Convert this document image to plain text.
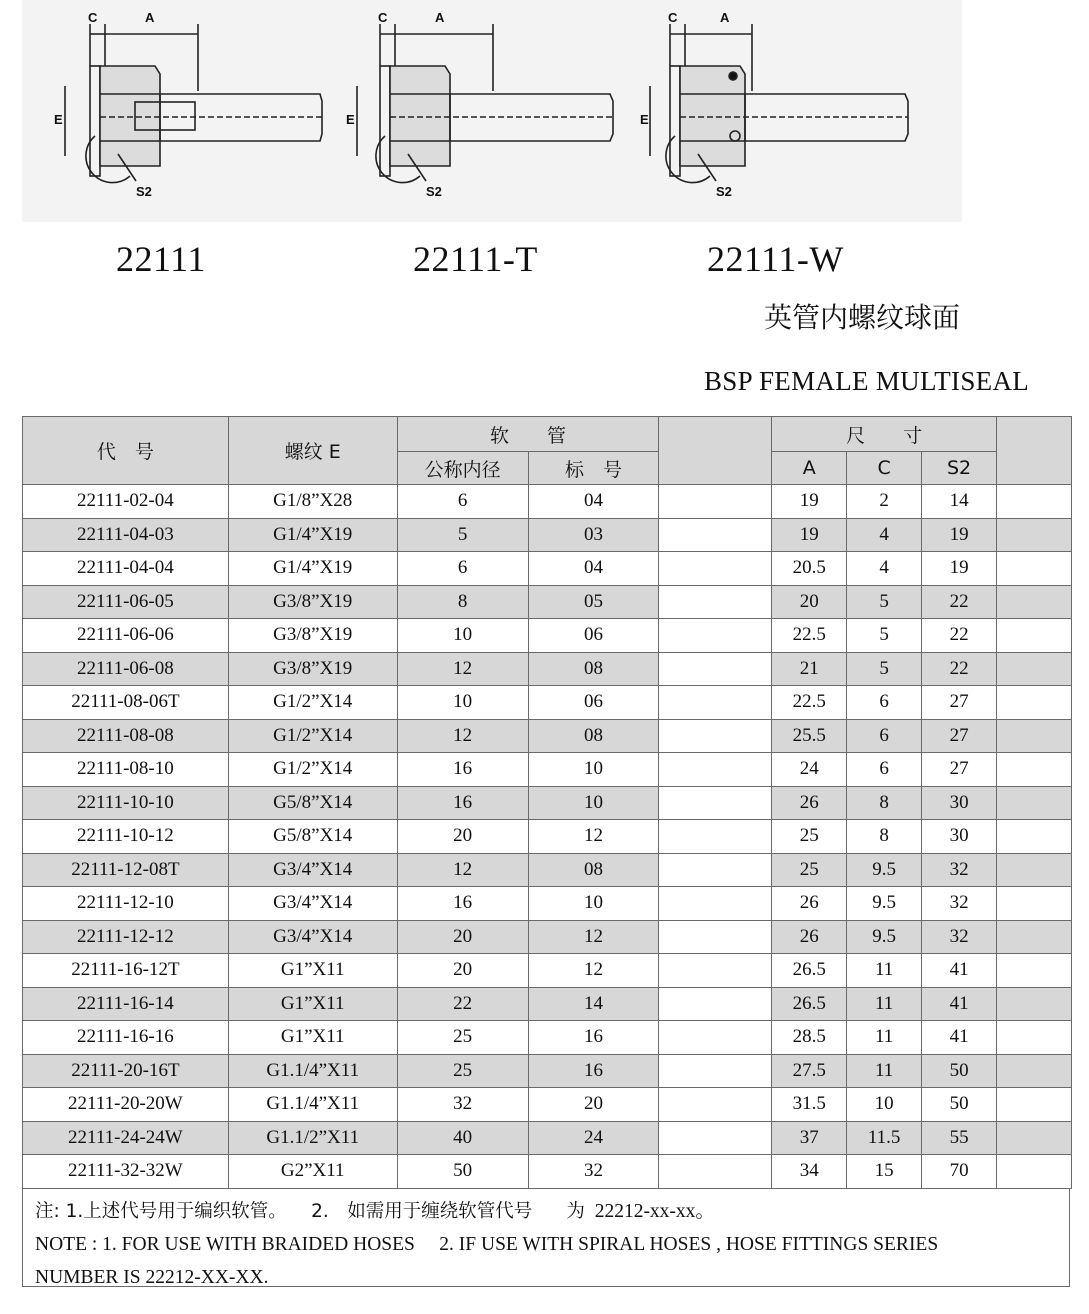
C	A
E
S2
C	A
E
S2
C	A
E
S2
22111	22111-T	22111-W
英管内螺纹球面
BSP FEMALE MULTISEAL
代　号	螺纹 E	软　　管			尺　　寸			
		公称内径	标　号		A	C	S2	
22111-02-04	G1/8”X28	6	04		19	2	14	
22111-04-03	G1/4”X19	5	03		19	4	19	
22111-04-04	G1/4”X19	6	04		20.5	4	19	
22111-06-05	G3/8”X19	8	05		20	5	22	
22111-06-06	G3/8”X19	10	06		22.5	5	22	
22111-06-08	G3/8”X19	12	08		21	5	22	
22111-08-06T	G1/2”X14	10	06		22.5	6	27	
22111-08-08	G1/2”X14	12	08		25.5	6	27	
22111-08-10	G1/2”X14	16	10		24	6	27	
22111-10-10	G5/8”X14	16	10		26	8	30	
22111-10-12	G5/8”X14	20	12		25	8	30	
22111-12-08T	G3/4”X14	12	08		25	9.5	32	
22111-12-10	G3/4”X14	16	10		26	9.5	32	
22111-12-12	G3/4”X14	20	12		26	9.5	32	
22111-16-12T	G1”X11	20	12		26.5	11	41	
22111-16-14	G1”X11	22	14		26.5	11	41	
22111-16-16	G1”X11	25	16		28.5	11	41	
22111-20-16T	G1.1/4”X11	25	16		27.5	11	50	
22111-20-20W	G1.1/4”X11	32	20		31.5	10	50	
22111-24-24W	G1.1/2”X11	40	24		37	11.5	55	
22111-32-32W	G2”X11	50	32		34	15	70	
注: 1.上述代号用于编织软管。 2.　如需用于缠绕软管代号 为 22212-xx-xx。
NOTE : 1. FOR USE WITH BRAIDED HOSES　 2. IF USE WITH SPIRAL HOSES , HOSE FITTINGS SERIES
NUMBER IS 22212-XX-XX.
